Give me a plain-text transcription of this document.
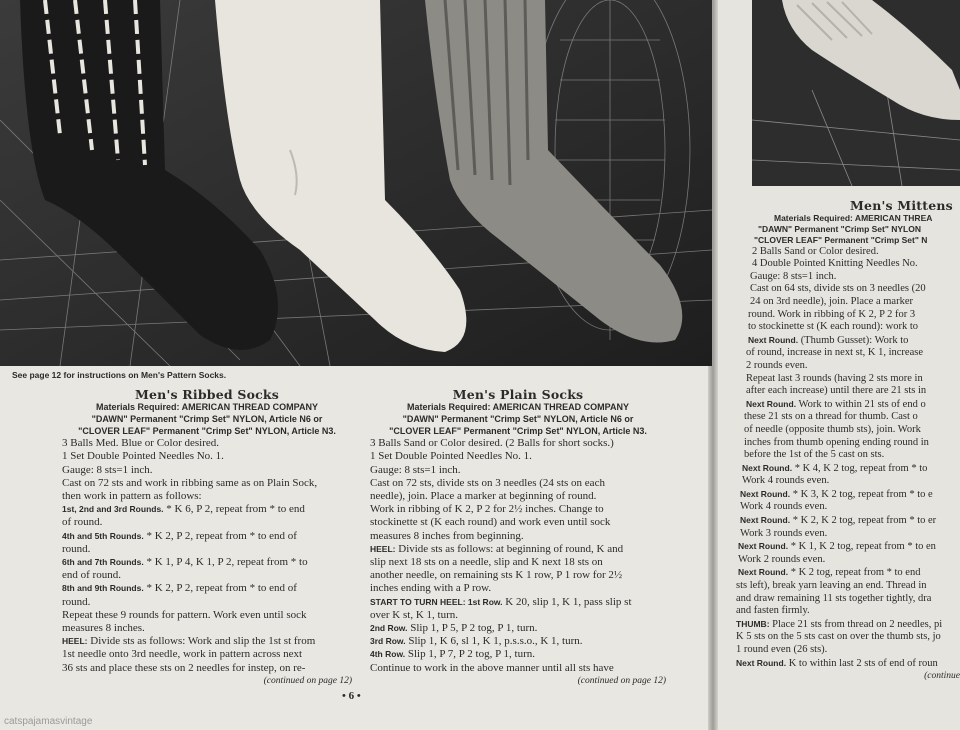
See page 12 for instructions on Men's Pattern Socks.
Men's Ribbed Socks
Materials Required: AMERICAN THREAD COMPANY
"DAWN" Permanent "Crimp Set" NYLON, Article N6 or
"CLOVER LEAF" Permanent "Crimp Set" NYLON, Article N3.

3 Balls Med. Blue or Color desired.

1 Set Double Pointed Needles No. 1.

Gauge: 8 sts=1 inch.

Cast on 72 sts and work in ribbing same as on Plain Sock,

then work in pattern as follows:

1st, 2nd and 3rd Rounds. * K 6, P 2, repeat from * to end

of round.

4th and 5th Rounds. * K 2, P 2, repeat from * to end of

round.

6th and 7th Rounds. * K 1, P 4, K 1, P 2, repeat from * to

end of round.

8th and 9th Rounds. * K 2, P 2, repeat from * to end of

round.

Repeat these 9 rounds for pattern. Work even until sock

measures 8 inches.

HEEL: Divide sts as follows: Work and slip the 1st st from

1st needle onto 3rd needle, work in pattern across next

36 sts and place these sts on 2 needles for instep, on re-

(continued on page 12)
Men's Plain Socks
Materials Required: AMERICAN THREAD COMPANY
"DAWN" Permanent "Crimp Set" NYLON, Article N6 or
"CLOVER LEAF" Permanent "Crimp Set" NYLON, Article N3.

3 Balls Sand or Color desired. (2 Balls for short socks.)

1 Set Double Pointed Needles No. 1.

Gauge: 8 sts=1 inch.

Cast on 72 sts, divide sts on 3 needles (24 sts on each

needle), join. Place a marker at beginning of round.

Work in ribbing of K 2, P 2 for 2½ inches. Change to

stockinette st (K each round) and work even until sock

measures 8 inches from beginning.

HEEL: Divide sts as follows: at beginning of round, K and

slip next 18 sts on a needle, slip and K next 18 sts on

another needle, on remaining sts K 1 row, P 1 row for 2½

inches ending with a P row.

START TO TURN HEEL: 1st Row. K 20, slip 1, K 1, pass slip st

over K st, K 1, turn.

2nd Row. Slip 1, P 5, P 2 tog, P 1, turn.

3rd Row. Slip 1, K 6, sl 1, K 1, p.s.s.o., K 1, turn.

4th Row. Slip 1, P 7, P 2 tog, P 1, turn.

Continue to work in the above manner until all sts have

(continued on page 12)
• 6 •
Men's Mittens
Materials Required: AMERICAN THREA
"DAWN" Permanent "Crimp Set" NYLON
"CLOVER LEAF" Permanent "Crimp Set" N

2 Balls Sand or Color desired.

4 Double Pointed Knitting Needles No.

Gauge: 8 sts=1 inch.

Cast on 64 sts, divide sts on 3 needles (20

24 on 3rd needle), join. Place a marker

round. Work in ribbing of K 2, P 2 for 3

to stockinette st (K each round): work to

Next Round. (Thumb Gusset): Work to

of round, increase in next st, K 1, increase

2 rounds even.

Repeat last 3 rounds (having 2 sts more in

after each increase) until there are 21 sts in

Next Round. Work to within 21 sts of end o

these 21 sts on a thread for thumb. Cast o

of needle (opposite thumb sts), join. Work

inches from thumb opening ending round in

before the 1st of the 5 cast on sts.

Next Round. * K 4, K 2 tog, repeat from * to

Work 4 rounds even.

Next Round. * K 3, K 2 tog, repeat from * to e

Work 4 rounds even.

Next Round. * K 2, K 2 tog, repeat from * to er

Work 3 rounds even.

Next Round. * K 1, K 2 tog, repeat from * to en

Work 2 rounds even.

Next Round. * K 2 tog, repeat from * to end

sts left), break yarn leaving an end. Thread in

and draw remaining 11 sts together tightly, dra

and fasten firmly.

THUMB: Place 21 sts from thread on 2 needles, pi

K 5 sts on the 5 sts cast on over the thumb sts, jo

1 round even (26 sts).

Next Round. K to within last 2 sts of end of roun

(continue
catspajamasvintage
